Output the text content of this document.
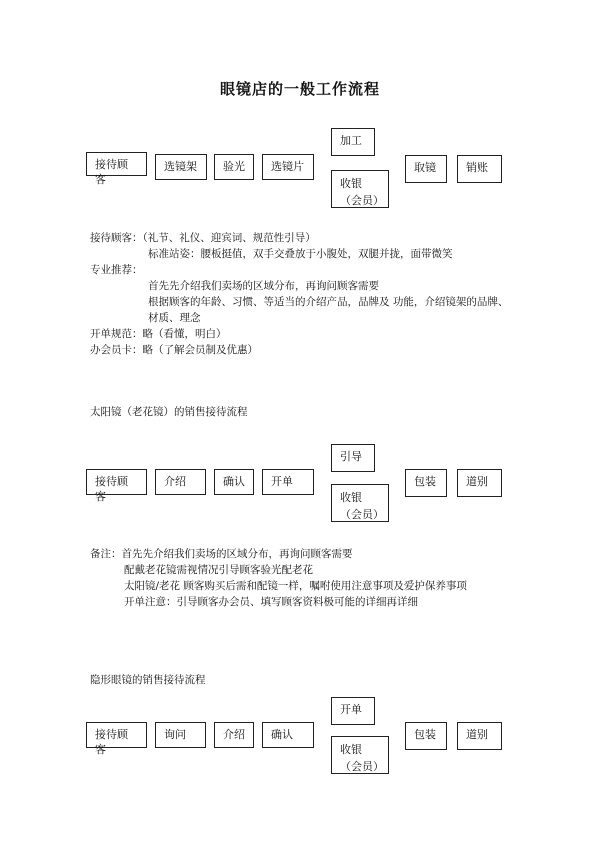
眼镜店的一般工作流程
接待顾客
选镜架	验光	选镜片
加工
收银（会员）
取镜	销账
接待顾客：（礼节、礼仪、迎宾词、规范性引导）
标准站姿：腰板挺值，双手交叠放于小腹处，双腿并拢，面带微笑
专业推荐：
首先先介绍我们卖场的区域分布，再询问顾客需要
根据顾客的年龄、习惯、等适当的介绍产品，品牌及 功能，介绍镜架的品牌、
材质、理念
开单规范：略（看懂，明白）
办会员卡：略（了解会员制及优惠）
太阳镜（老花镜）的销售接待流程
接待顾客
介绍	确认	开单
引导
收银（会员）
包装	道别
备注：首先先介绍我们卖场的区域分布，再询问顾客需要
配戴老花镜需视情况引导顾客验光配老花
太阳镜/老花 顾客购买后需和配镜一样，嘱咐使用注意事项及爱护保养事项
开单注意：引导顾客办会员、填写顾客资料极可能的详细再详细
隐形眼镜的销售接待流程
接待顾客
询问	介绍	确认
开单
收银（会员）
包装	道别
